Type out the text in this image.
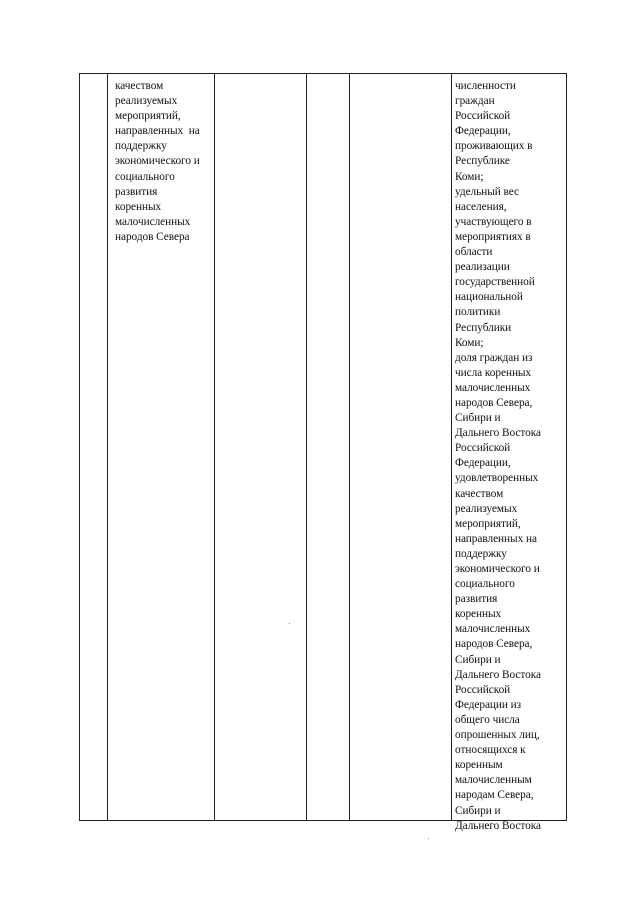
качеством
реализуемых
мероприятий,
направленных  на
поддержку
экономического и
социального
развития
коренных
малочисленных
народов Севера
численности
граждан
Российской
Федерации,
проживающих в
Республике
Коми;
удельный вес
населения,
участвующего в
мероприятиях в
области
реализации
государственной
национальной
политики
Республики
Коми;
доля граждан из
числа коренных
малочисленных
народов Севера,
Сибири и
Дальнего Востока
Российской
Федерации,
удовлетворенных
качеством
реализуемых
мероприятий,
направленных на
поддержку
экономического и
социального
развития
коренных
малочисленных
народов Севера,
Сибири и
Дальнего Востока
Российской
Федерации из
общего числа
опрошенных лиц,
относящихся к
коренным
малочисленным
народам Севера,
Сибири и
Дальнего Востока
